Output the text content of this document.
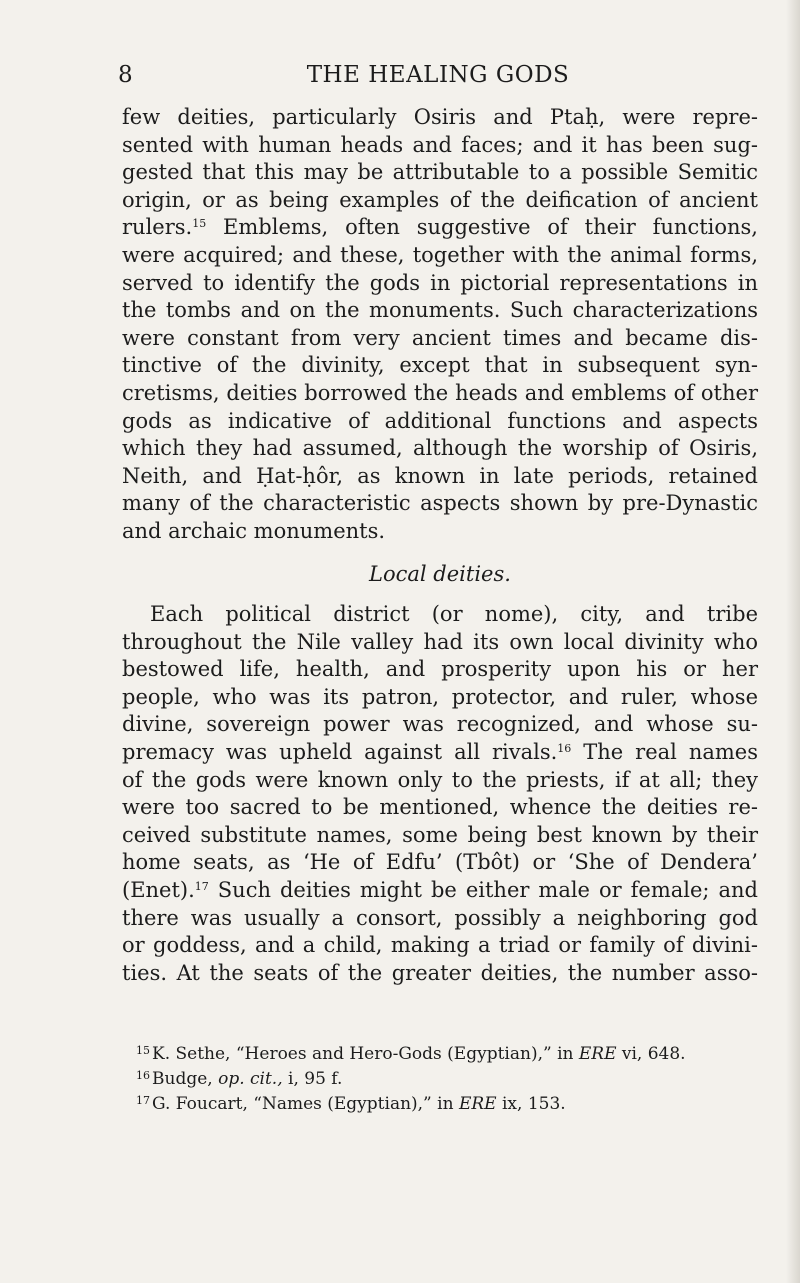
8	THE HEALING GODS

few deities, particularly Osiris and Ptaḥ, were repre-
sented with human heads and faces; and it has been sug-
gested that this may be attributable to a possible Semitic
origin, or as being examples of the deification of ancient
rulers.$^{15}$ Emblems, often suggestive of their functions,
were acquired; and these, together with the animal forms,
served to identify the gods in pictorial representations in
the tombs and on the monuments. Such characterizations
were constant from very ancient times and became dis-
tinctive of the divinity, except that in subsequent syn-
cretisms, deities borrowed the heads and emblems of other
gods as indicative of additional functions and aspects
which they had assumed, although the worship of Osiris,
Neith, and Ḥat-ḥôr, as known in late periods, retained
many of the characteristic aspects shown by pre-Dynastic
and archaic monuments.

Local deities.

Each political district (or nome), city, and tribe
throughout the Nile valley had its own local divinity who
bestowed life, health, and prosperity upon his or her
people, who was its patron, protector, and ruler, whose
divine, sovereign power was recognized, and whose su-
premacy was upheld against all rivals.$^{16}$ The real names
of the gods were known only to the priests, if at all; they
were too sacred to be mentioned, whence the deities re-
ceived substitute names, some being best known by their
home seats, as ‘He of Edfu’ (Tbôt) or ‘She of Dendera’
(Enet).$^{17}$ Such deities might be either male or female; and
there was usually a consort, possibly a neighboring god
or goddess, and a child, making a triad or family of divini-
ties. At the seats of the greater deities, the number asso-

$^{15}$ K. Sethe, “Heroes and Hero-Gods (Egyptian),” in ERE vi, 648.
$^{16}$ Budge, op. cit., i, 95 f.
$^{17}$ G. Foucart, “Names (Egyptian),” in ERE ix, 153.
